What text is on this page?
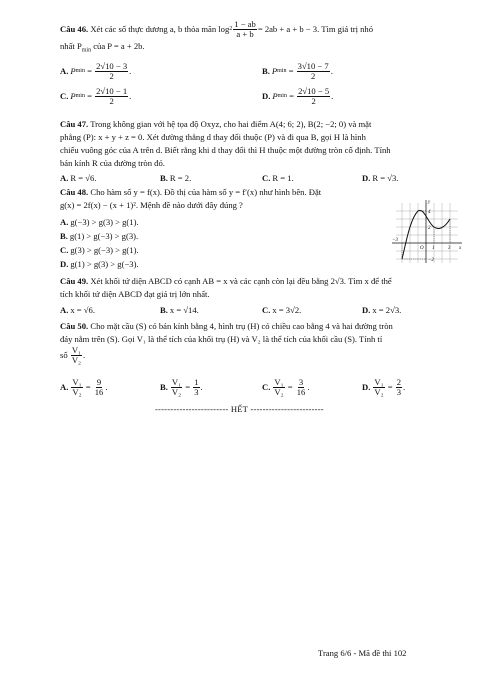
Câu 46.
Xét các số thực dương a, b thỏa mãn $\log 2 \frac{1 - ab}{a + b} = 2ab + a + b - 3$. Tìm giá trị nhỏ
nhất $P_{min}$ của P = a + 2b.
A. P $\min = \frac{2√10 - 3}{2}$ .	B. P $\min = \frac{3√10 - 7}{2}$ .
C. P $\min = \frac{2√10 - 1}{2}$ .	D. P $\min = \frac{2√10 - 5}{2}$ .
Câu 47. Trong không gian với hệ tọa độ Oxyz, cho hai điểm A(4; 6; 2), B(2; −2; 0) và mặt
phẳng (P): x + y + z = 0. Xét đường thẳng d thay đổi thuộc (P) và đi qua B, gọi H là hình
chiếu vuông góc của A trên d. Biết rằng khi d thay đổi thì H thuộc một đường tròn cố định. Tính
bán kính R của đường tròn đó.
A. R = √6.	B. R = 2.	C. R = 1.	D. R = √3.
Câu 48. Cho hàm số y = f(x). Đồ thị của hàm số y = f′(x) như hình bên. Đặt
g(x) = 2f(x) − (x + 1)². Mệnh đề nào dưới đây đúng ?
A. g(−3) > g(3) > g(1).
B. g(1) > g(−3) > g(3).
C. g(3) > g(−3) > g(1).
D. g(1) > g(3) > g(−3).
4
2
−2
−3
O 1	3 x
y
Câu 49. Xét khối tứ diện ABCD có cạnh AB = x và các cạnh còn lại đều bằng 2√3. Tìm x để thể
tích khối tứ diện ABCD đạt giá trị lớn nhất.
A. x = √6.	B. x = √14.	C. x = 3√2.	D. x = 2√3.
Câu 50. Cho mặt cầu (S) có bán kính bằng 4, hình trụ (H) có chiều cao bằng 4 và hai đường tròn
đáy nằm trên (S). Gọi V₁ là thể tích của khối trụ (H) và V₂ là thể tích của khối cầu (S). Tính tỉ
số
$\frac{\text{V₁}}{\text{V₂}}$ .
A. $\frac{\text{V₁}}{\text{V₂}} = \frac{9}{16}$ .	B. $\frac{\text{V₁}}{\text{V₂}} = \frac{1}{3}$ .	C. $\frac{\text{V₁}}{\text{V₂}} = \frac{3}{16}$ .	D. $\frac{\text{V₁}}{\text{V₂}} = \frac{2}{3}$ .
------------------------ HẾT ------------------------
Trang 6/6 - Mã đề thi 102
